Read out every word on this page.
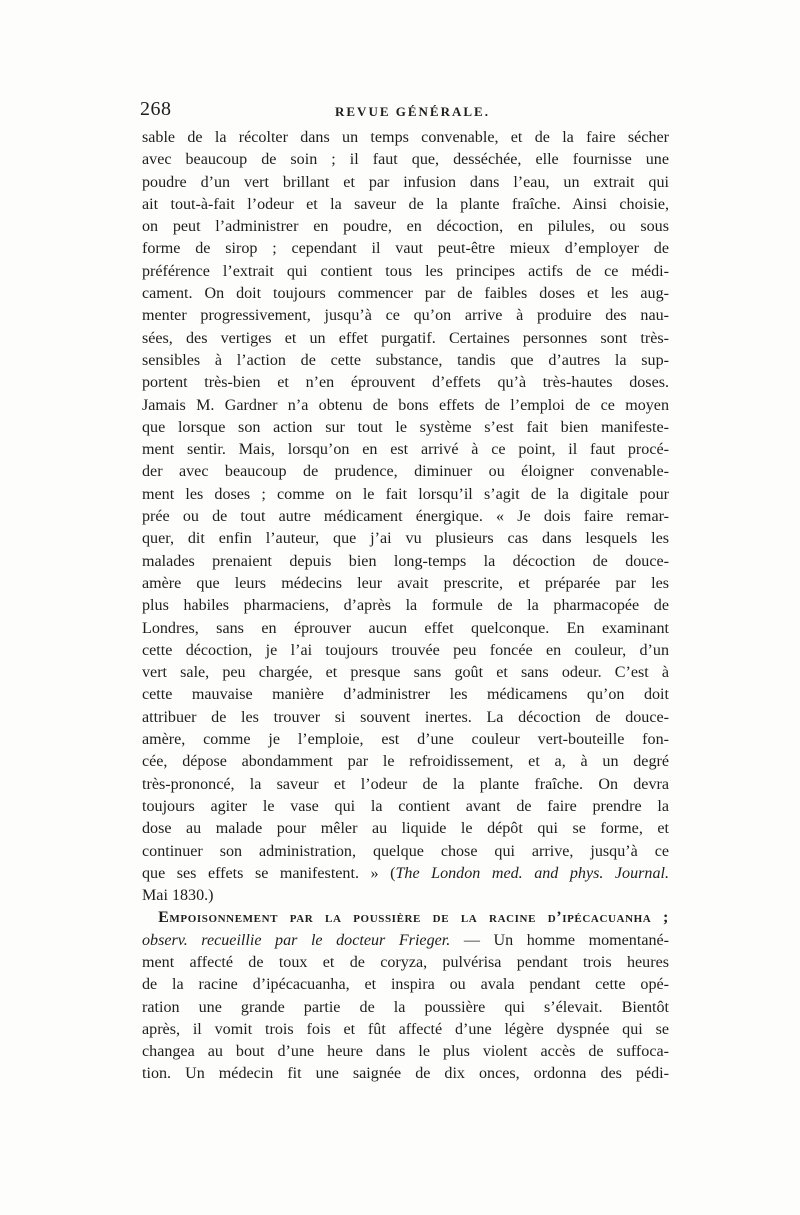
268	REVUE GÉNÉRALE.
sable de la récolter dans un temps convenable, et de la faire sécher
avec beaucoup de soin ; il faut que, desséchée, elle fournisse une
poudre d’un vert brillant et par infusion dans l’eau, un extrait qui
ait tout-à-fait l’odeur et la saveur de la plante fraîche. Ainsi choisie,
on peut l’administrer en poudre, en décoction, en pilules, ou sous
forme de sirop ; cependant il vaut peut-être mieux d’employer de
préférence l’extrait qui contient tous les principes actifs de ce médi-
cament. On doit toujours commencer par de faibles doses et les aug-
menter progressivement, jusqu’à ce qu’on arrive à produire des nau-
sées, des vertiges et un effet purgatif. Certaines personnes sont très-
sensibles à l’action de cette substance, tandis que d’autres la sup-
portent très-bien et n’en éprouvent d’effets qu’à très-hautes doses.
Jamais M. Gardner n’a obtenu de bons effets de l’emploi de ce moyen
que lorsque son action sur tout le système s’est fait bien manifeste-
ment sentir. Mais, lorsqu’on en est arrivé à ce point, il faut procé-
der avec beaucoup de prudence, diminuer ou éloigner convenable-
ment les doses ; comme on le fait lorsqu’il s’agit de la digitale pour
prée ou de tout autre médicament énergique. « Je dois faire remar-
quer, dit enfin l’auteur, que j’ai vu plusieurs cas dans lesquels les
malades prenaient depuis bien long-temps la décoction de douce-
amère que leurs médecins leur avait prescrite, et préparée par les
plus habiles pharmaciens, d’après la formule de la pharmacopée de
Londres, sans en éprouver aucun effet quelconque. En examinant
cette décoction, je l’ai toujours trouvée peu foncée en couleur, d’un
vert sale, peu chargée, et presque sans goût et sans odeur. C’est à
cette mauvaise manière d’administrer les médicamens qu’on doit
attribuer de les trouver si souvent inertes. La décoction de douce-
amère, comme je l’emploie, est d’une couleur vert-bouteille fon-
cée, dépose abondamment par le refroidissement, et a, à un degré
très-prononcé, la saveur et l’odeur de la plante fraîche. On devra
toujours agiter le vase qui la contient avant de faire prendre la
dose au malade pour mêler au liquide le dépôt qui se forme, et
continuer son administration, quelque chose qui arrive, jusqu’à ce
que ses effets se manifestent. » (The London med. and phys. Journal.
Mai 1830.)
 Empoisonnement par la poussière de la racine d’ipécacuanha ;
observ. recueillie par le docteur Frieger. — Un homme momentané-
ment affecté de toux et de coryza, pulvérisa pendant trois heures
de la racine d’ipécacuanha, et inspira ou avala pendant cette opé-
ration une grande partie de la poussière qui s’élevait. Bientôt
après, il vomit trois fois et fût affecté d’une légère dyspnée qui se
changea au bout d’une heure dans le plus violent accès de suffoca-
tion. Un médecin fit une saignée de dix onces, ordonna des pédi-
